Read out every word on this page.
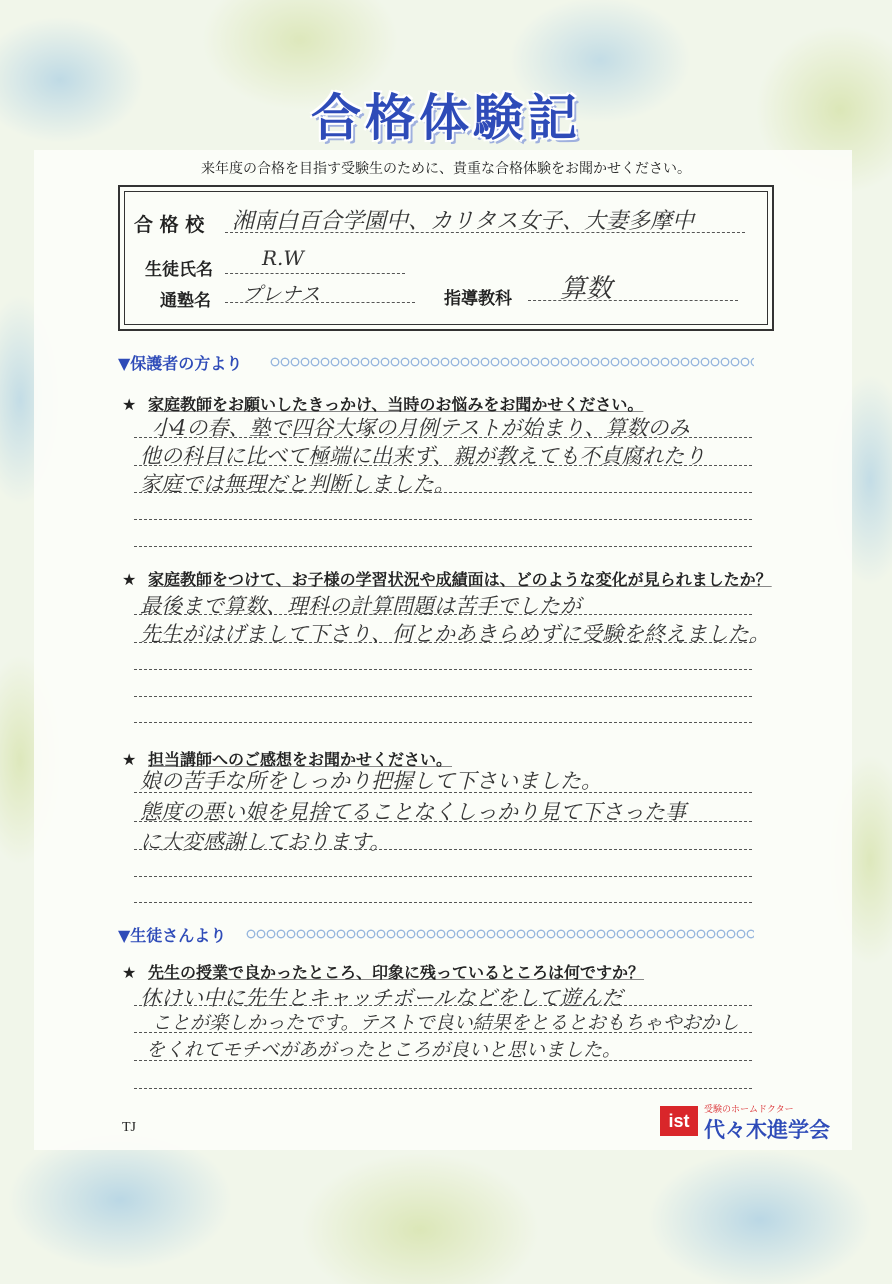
合格体験記
来年度の合格を目指す受験生のために、貴重な合格体験をお聞かせください。
合 格 校 湘南白百合学園中、カリタス女子、大妻多摩中
生徒氏名 R.W
通塾名 プレナス	指導教科 算数
▼保護者の方より
★ 家庭教師をお願いしたきっかけ、当時のお悩みをお聞かせください。
小4の春、塾で四谷大塚の月例テストが始まり、算数のみ
他の科目に比べて極端に出来ず、親が教えても不貞腐れたり
家庭では無理だと判断しました。
★ 家庭教師をつけて、お子様の学習状況や成績面は、どのような変化が見られましたか？
最後まで算数、理科の計算問題は苦手でしたが
先生がはげまして下さり、何とかあきらめずに受験を終えました。
★ 担当講師へのご感想をお聞かせください。
娘の苦手な所をしっかり把握して下さいました。
態度の悪い娘を見捨てることなくしっかり見て下さった事
に大変感謝しております。
▼生徒さんより
★ 先生の授業で良かったところ、印象に残っているところは何ですか？
休けい中に先生とキャッチボールなどをして遊んだ
ことが楽しかったです。テストで良い結果をとるとおもちゃやおかし
をくれてモチベがあがったところが良いと思いました。
TJ	ist
受験のホームドクター
代々木進学会
